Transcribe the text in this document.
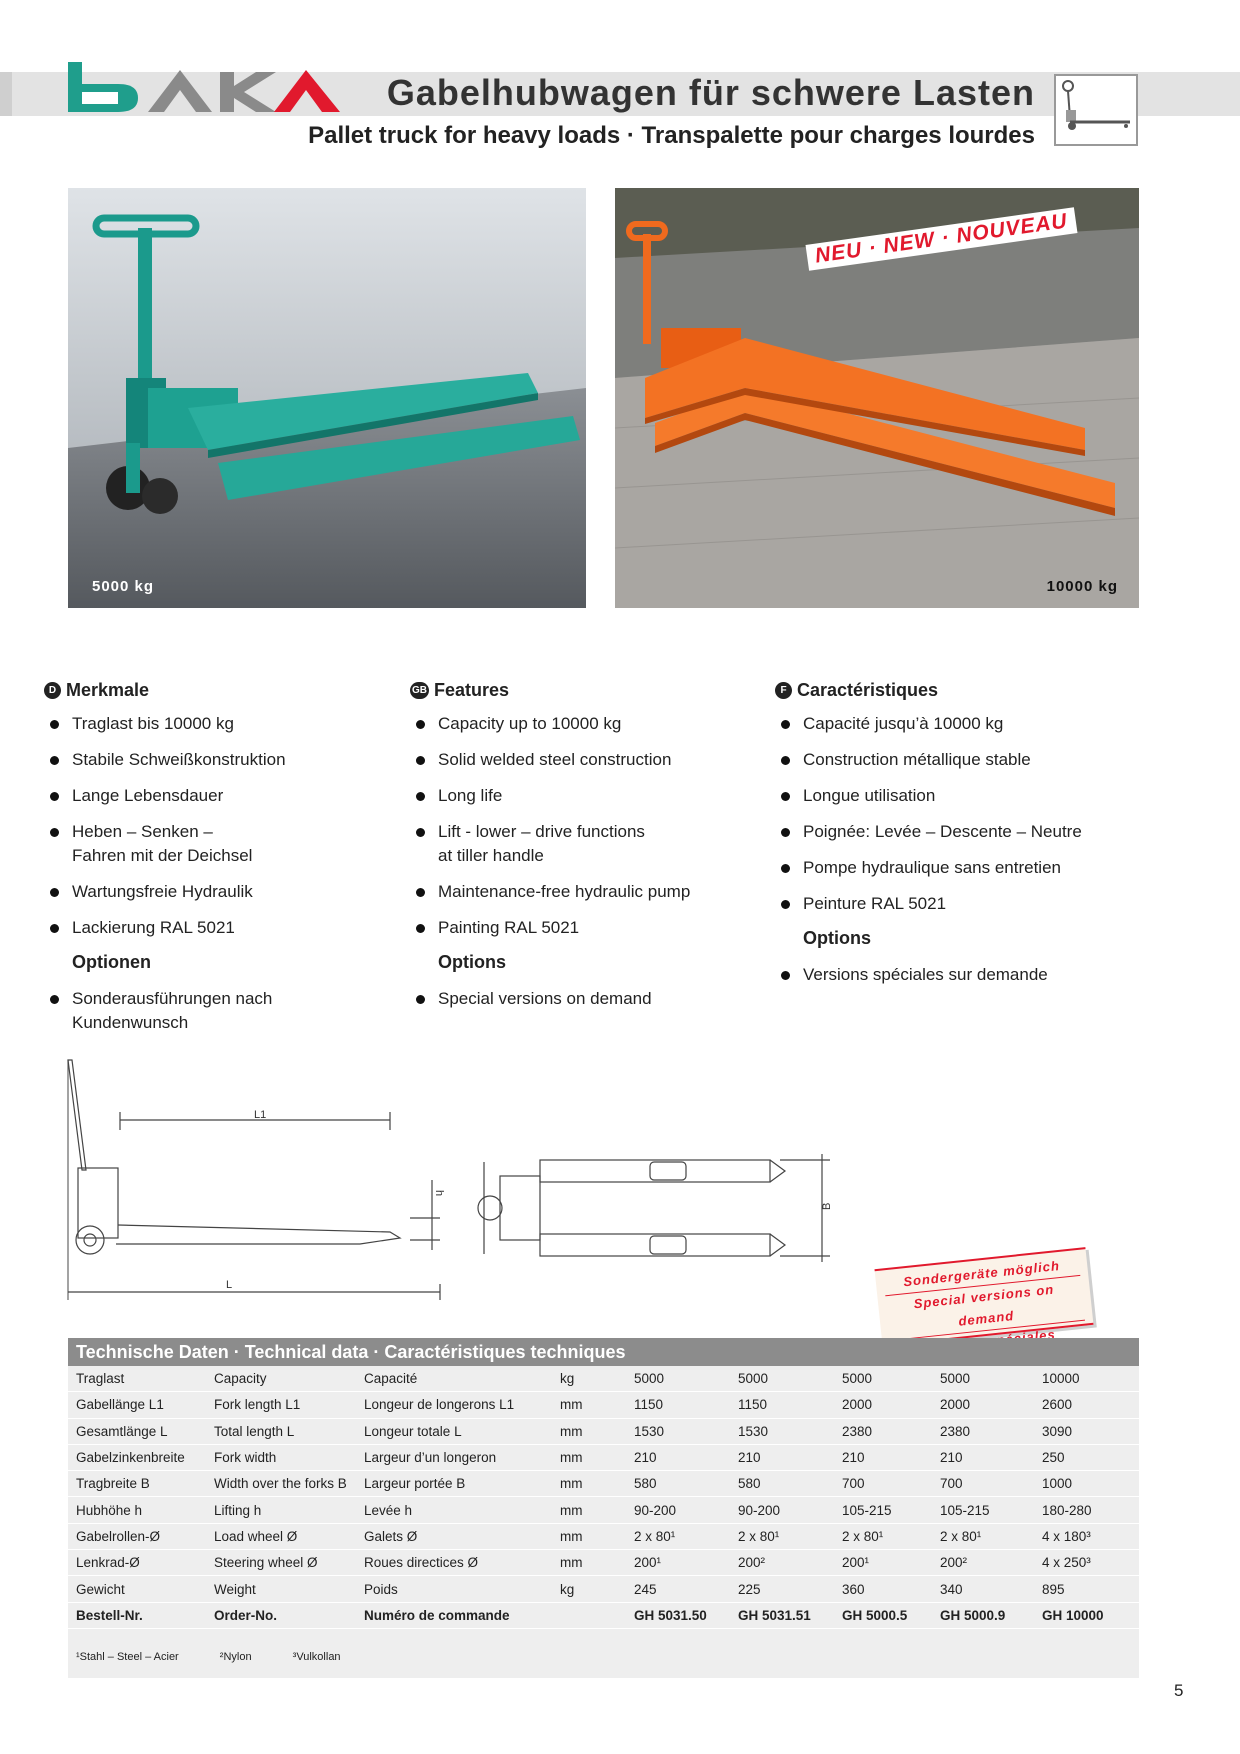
Gabelhubwagen für schwere Lasten
Pallet truck for heavy loads · Transpalette pour charges lourdes
5000 kg
NEU · NEW · NOUVEAU
10000 kg
D Merkmale
Traglast bis 10000 kg
Stabile Schweißkonstruktion
Lange Lebensdauer
Heben – Senken –
Fahren mit der Deichsel
Wartungsfreie Hydraulik
Lackierung RAL 5021
Optionen
Sonderausführungen nach
Kundenwunsch
GB Features
Capacity up to 10000 kg
Solid welded steel construction
Long life
Lift - lower – drive functions
at tiller handle
Maintenance-free hydraulic pump
Painting RAL 5021
Options
Special versions on demand
F Caractéristiques
Capacité jusqu’à 10000 kg
Construction métallique stable
Longue utilisation
Poignée: Levée – Descente – Neutre
Pompe hydraulique sans entretien
Peinture RAL 5021
Options
Versions spéciales sur demande
L1
L
h
B
Sondergeräte möglich
Special versions on demand
Technische Daten · Technical data · Caractéristiques techniques
Traglast	Capacity	Capacité	kg	5000	5000	5000	5000	10000
Gabellänge L1	Fork length L1	Longeur de longerons L1	mm	1150	1150	2000	2000	2600
Gesamtlänge L	Total length L	Longeur totale L	mm	1530	1530	2380	2380	3090
Gabelzinkenbreite	Fork width	Largeur d’un longeron	mm	210	210	210	210	250
Tragbreite B	Width over the forks B	Largeur portée B	mm	580	580	700	700	1000
Hubhöhe h	Lifting h	Levée h	mm	90-200	90-200	105-215	105-215	180-280
Gabelrollen-Ø	Load wheel Ø	Galets Ø	mm	2 x 80¹	2 x 80¹	2 x 80¹	2 x 80¹	4 x 180³
Lenkrad-Ø	Steering wheel Ø	Roues directices Ø	mm	200¹	200²	200¹	200²	4 x 250³
Gewicht	Weight	Poids	kg	245	225	360	340	895
Bestell-Nr.	Order-No.	Numéro de commande		GH 5031.50	GH 5031.51	GH 5000.5	GH 5000.9	GH 10000
¹Stahl – Steel – Acier	²Nylon	³Vulkollan
5
